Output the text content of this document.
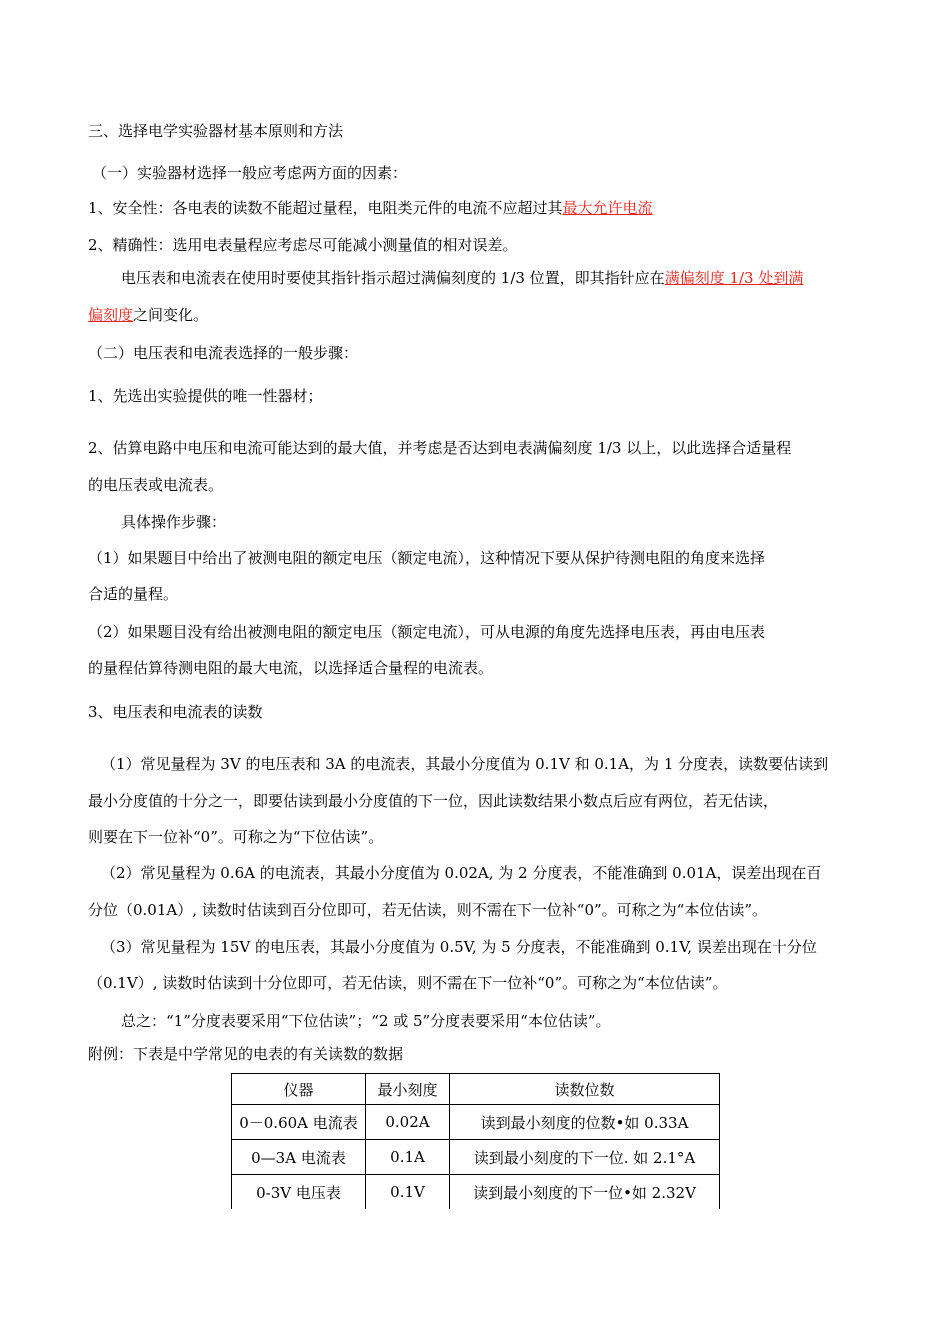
三、选择电学实验器材基本原则和方法
（一）实验器材选择一般应考虑两方面的因素：
1、安全性：各电表的读数不能超过量程，电阻类元件的电流不应超过其最大允许电流
2、精确性：选用电表量程应考虑尽可能减小测量值的相对误差。
电压表和电流表在使用时要使其指针指示超过满偏刻度的 1/3 位置，即其指针应在满偏刻度 1/3 处到满
偏刻度之间变化。
（二）电压表和电流表选择的一般步骤：
1、先选出实验提供的唯一性器材；
2、估算电路中电压和电流可能达到的最大值，并考虑是否达到电表满偏刻度 1/3 以上，以此选择合适量程
的电压表或电流表。
具体操作步骤：
（1）如果题目中给出了被测电阻的额定电压（额定电流），这种情况下要从保护待测电阻的角度来选择
合适的量程。
（2）如果题目没有给出被测电阻的额定电压（额定电流），可从电源的角度先选择电压表，再由电压表
的量程估算待测电阻的最大电流，以选择适合量程的电流表。
3、电压表和电流表的读数
（1）常见量程为 3V 的电压表和 3A 的电流表，其最小分度值为 0.1V 和 0.1A，为 1 分度表，读数要估读到
最小分度值的十分之一，即要估读到最小分度值的下一位，因此读数结果小数点后应有两位，若无估读，
则要在下一位补“0”。可称之为“下位估读”。
（2）常见量程为 0.6A 的电流表，其最小分度值为 0.02A, 为 2 分度表，不能准确到 0.01A，误差出现在百
分位（0.01A）, 读数时估读到百分位即可，若无估读，则不需在下一位补“0”。可称之为“本位估读”。
（3）常见量程为 15V 的电压表，其最小分度值为 0.5V, 为 5 分度表，不能准确到 0.1V, 误差出现在十分位
（0.1V）, 读数时估读到十分位即可，若无估读，则不需在下一位补“0”。可称之为“本位估读”。
总之：“1”分度表要采用“下位估读”；“2 或 5”分度表要采用“本位估读”。
附例：下表是中学常见的电表的有关读数的数据
仪器	最小刻度	读数位数
0－0.60A 电流表	0.02A	读到最小刻度的位数•如 0.33A
0—3A 电流表	0.1A	读到最小刻度的下一位. 如 2.1°A
0-3V 电压表	0.1V	读到最小刻度的下一位•如 2.32V
